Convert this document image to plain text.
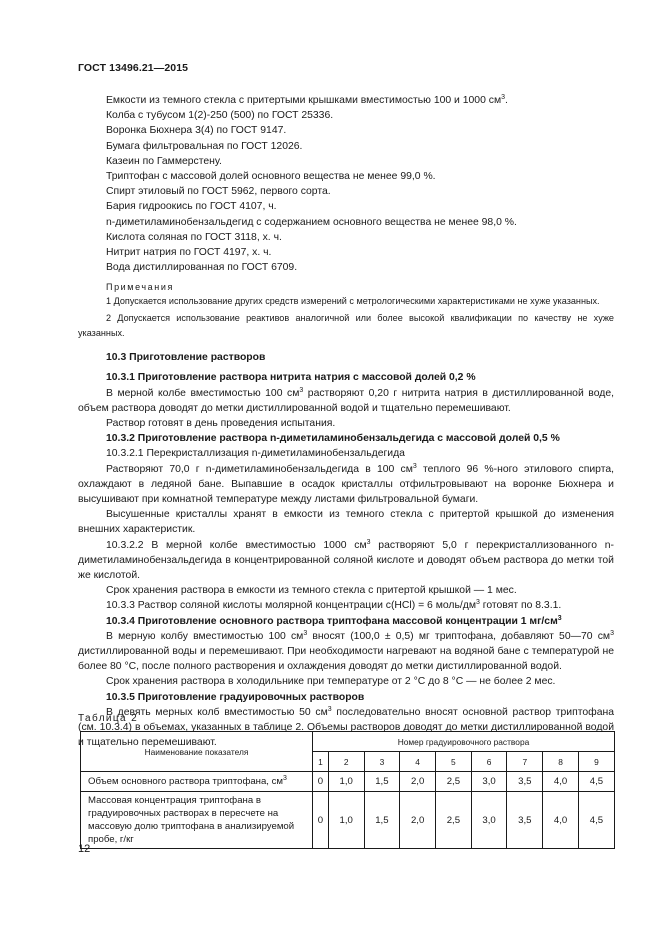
ГОСТ 13496.21—2015
Емкости из темного стекла с притертыми крышками вместимостью 100 и 1000 $см^3$.
Колба с тубусом 1(2)-250 (500) по ГОСТ 25336.
Воронка Бюхнера 3(4) по ГОСТ 9147.
Бумага фильтровальная по ГОСТ 12026.
Казеин по Гаммерстену.
Триптофан с массовой долей основного вещества не менее 99,0 %.
Спирт этиловый по ГОСТ 5962, первого сорта.
Бария гидроокись по ГОСТ 4107, ч.
n-диметиламинобензальдегид с содержанием основного вещества не менее 98,0 %.
Кислота соляная по ГОСТ 3118, х. ч.
Нитрит натрия по ГОСТ 4197, х. ч.
Вода дистиллированная по ГОСТ 6709.
Примечания
1 Допускается использование других средств измерений с метрологическими характеристиками не хуже указанных.
2 Допускается использование реактивов аналогичной или более высокой квалификации по качеству не хуже указанных.
10.3 Приготовление растворов
10.3.1 Приготовление раствора нитрита натрия с массовой долей 0,2 %
В мерной колбе вместимостью 100 $см^3$ растворяют 0,20 г нитрита натрия в дистиллированной воде, объем раствора доводят до метки дистиллированной водой и тщательно перемешивают.
Раствор готовят в день проведения испытания.
10.3.2 Приготовление раствора n-диметиламинобензальдегида с массовой долей 0,5 %
10.3.2.1 Перекристаллизация n-диметиламинобензальдегида
Растворяют 70,0 г n-диметиламинобензальдегида в 100 $см^3$ теплого 96 %-ного этилового спирта, охлаждают в ледяной бане. Выпавшие в осадок кристаллы отфильтровывают на воронке Бюхнера и высушивают при комнатной температуре между листами фильтровальной бумаги.
Высушенные кристаллы хранят в емкости из темного стекла с притертой крышкой до изменения внешних характеристик.
10.3.2.2 В мерной колбе вместимостью 1000 $см^3$ растворяют 5,0 г перекристаллизованного n-диметиламинобензальдегида в концентрированной соляной кислоте и доводят объем раствора до метки той же кислотой.
Срок хранения раствора в емкости из темного стекла с притертой крышкой — 1 мес.
10.3.3 Раствор соляной кислоты молярной концентрации с(HCl) = 6 моль/$дм^3$ готовят по 8.3.1.
10.3.4 Приготовление основного раствора триптофана массовой концентрации 1 $мг/см^3$
В мерную колбу вместимостью 100 $см^3$ вносят (100,0 ± 0,5) мг триптофана, добавляют 50—70 $см^3$ дистиллированной воды и перемешивают. При необходимости нагревают на водяной бане с температурой не более 80 °С, после полного растворения и охлаждения доводят до метки дистиллированной водой.
Срок хранения раствора в холодильнике при температуре от 2 °С до 8 °С — не более 2 мес.
10.3.5 Приготовление градуировочных растворов
В девять мерных колб вместимостью 50 $см^3$ последовательно вносят основной раствор триптофана (см. 10.3.4) в объемах, указанных в таблице 2. Объемы растворов доводят до метки дистиллированной водой и тщательно перемешивают.
Таблица 2
Наименование показателя	Номер градуировочного раствора								
	1	2	3	4	5	6	7	8	9
Объем основного раствора триптофана, $см^3$	0	1,0	1,5	2,0	2,5	3,0	3,5	4,0	4,5
Массовая концентрация триптофана в градуировочных растворах в пересчете на массовую долю триптофана в анализируемой пробе, г/кг	0	1,0	1,5	2,0	2,5	3,0	3,5	4,0	4,5
12
